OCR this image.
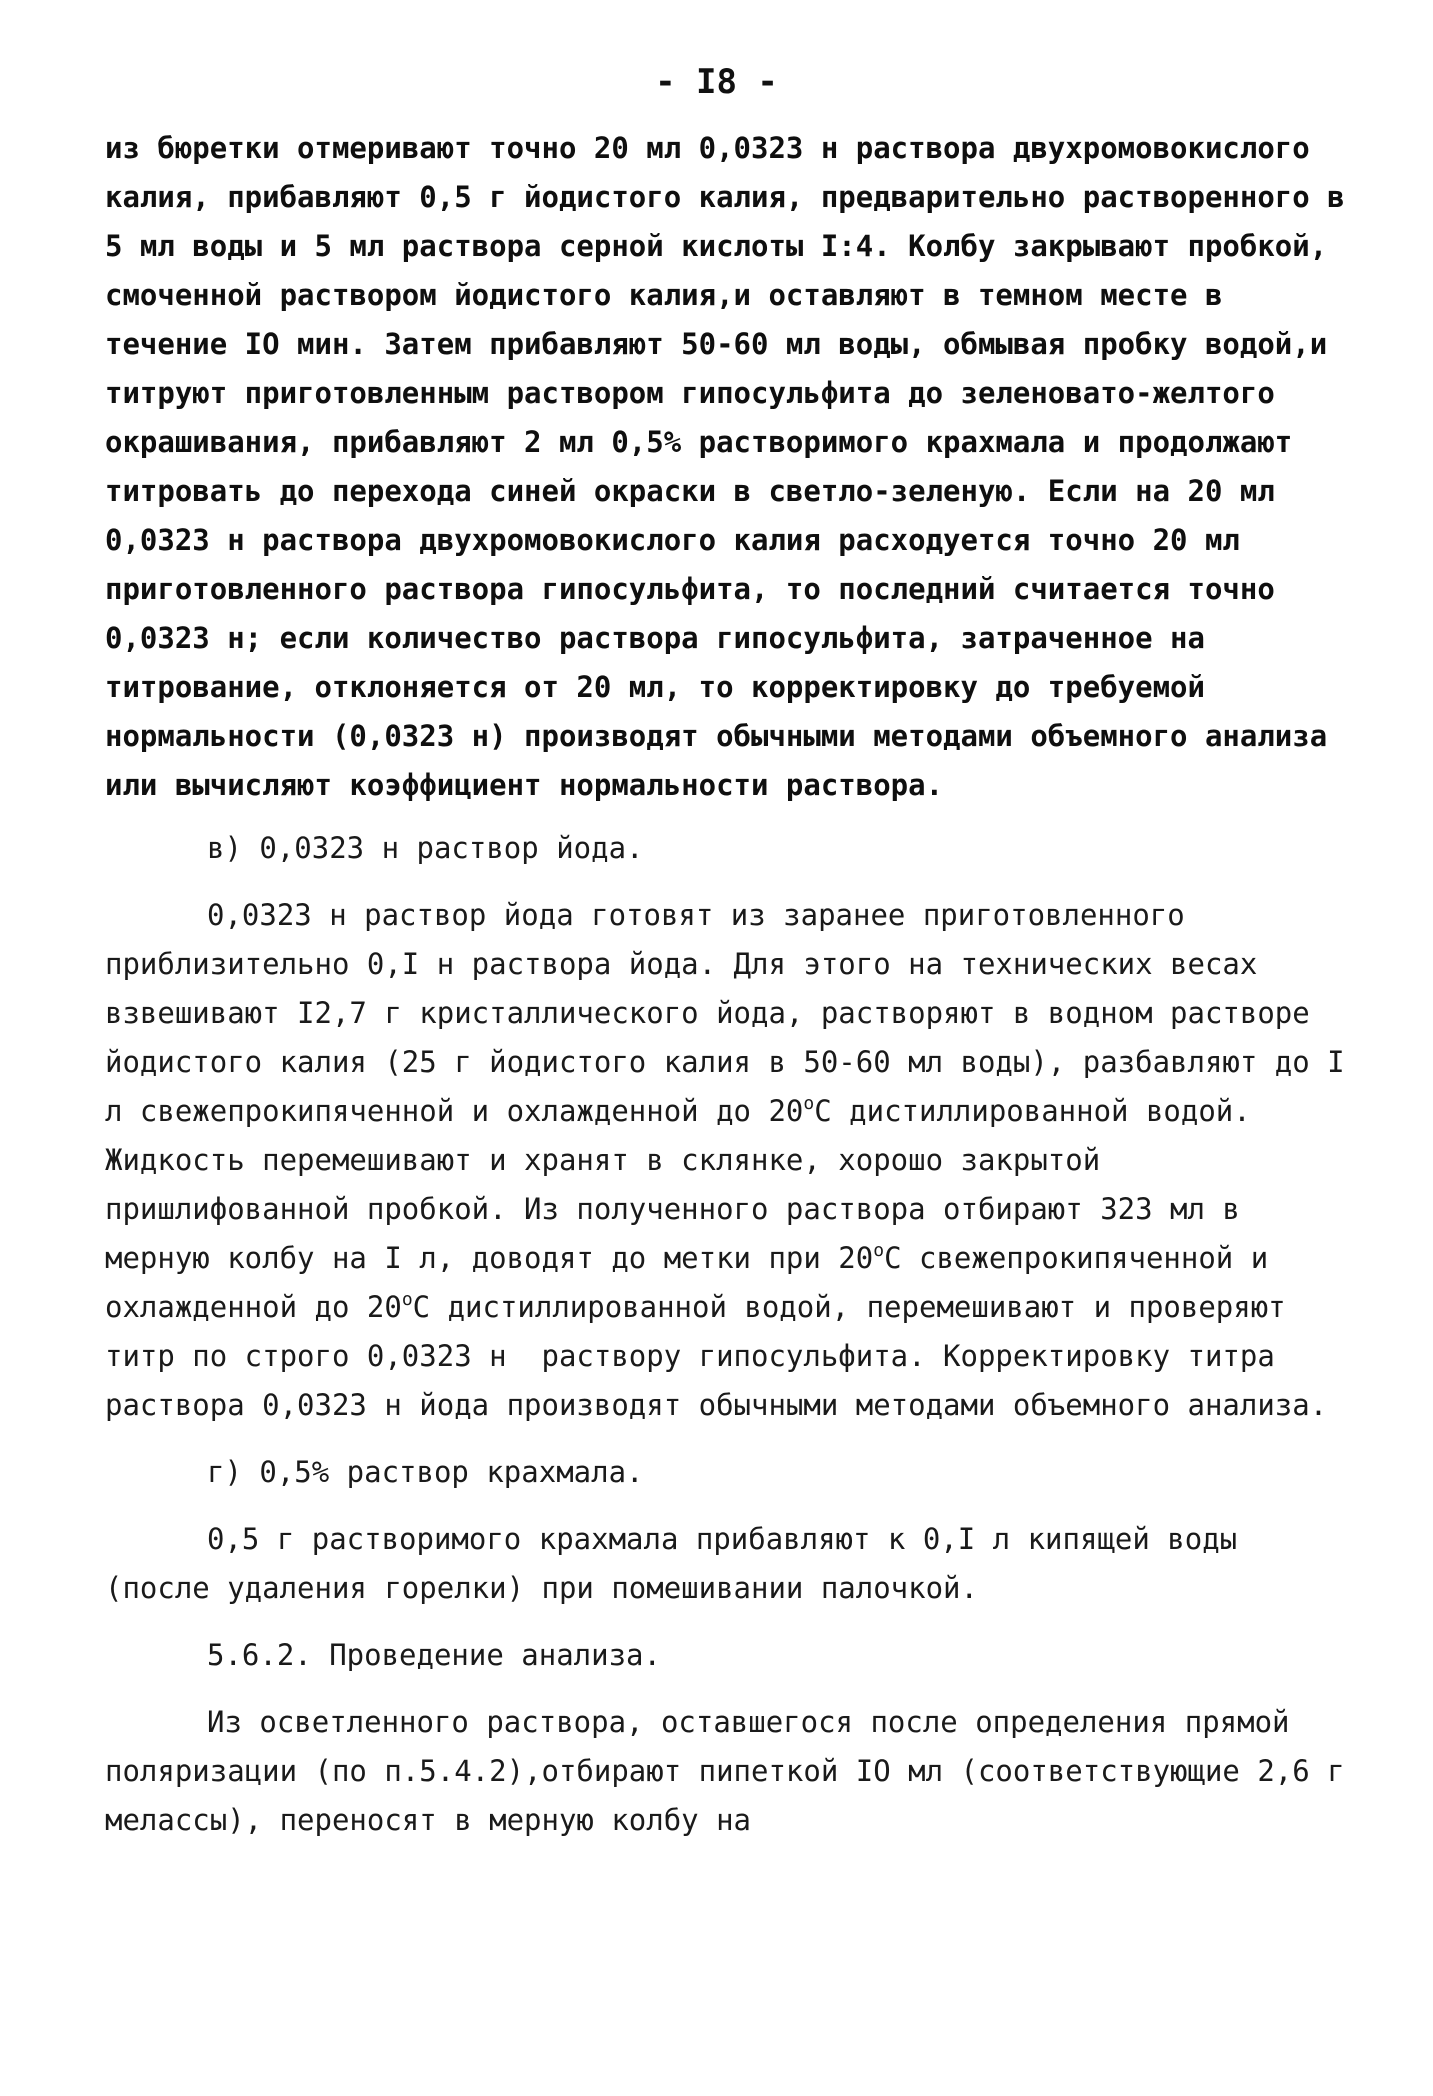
- I8 -

из бюретки отмеривают точно 20 мл 0,0323 н раствора двухромовокислого калия, прибавляют 0,5 г йодистого калия, предварительно растворенного в 5 мл воды и 5 мл раствора серной кислоты I:4. Колбу закрывают пробкой, смоченной раствором йодистого калия,и оставляют в темном месте в течение IO мин. Затем прибавляют 50-60 мл воды, обмывая пробку водой,и титруют приготовленным раствором гипосульфита до зеленовато-желтого окрашивания, прибавляют 2 мл 0,5% растворимого крахмала и продолжают титровать до перехода синей окраски в светло-зеленую. Если на 20 мл 0,0323 н раствора двухромовокислого калия расходуется точно 20 мл приготовленного раствора гипосульфита, то последний считается точно 0,0323 н; если количество раствора гипосульфита, затраченное на титрование, отклоняется от 20 мл, то корректировку до требуемой нормальности (0,0323 н) производят обычными методами объемного анализа или вычисляют коэффициент нормальности раствора.

в) 0,0323 н раствор йода.

0,0323 н раствор йода готовят из заранее приготовленного приблизительно 0,I н раствора йода. Для этого на технических весах взвешивают I2,7 г кристаллического йода, растворяют в водном растворе йодистого калия (25 г йодистого калия в 50-60 мл воды), разбавляют до I л свежепрокипяченной и охлажденной до 20$^o$С дистиллированной водой. Жидкость перемешивают и хранят в склянке, хорошо закрытой пришлифованной пробкой. Из полученного раствора отбирают 323 мл в мерную колбу на I л, доводят до метки при 20$^o$С свежепрокипяченной и охлажденной до 20$^o$С дистиллированной водой, перемешивают и проверяют титр по строго 0,0323 н  раствору гипосульфита. Корректировку титра раствора 0,0323 н йода производят обычными методами объемного анализа.

г) 0,5% раствор крахмала.

0,5 г растворимого крахмала прибавляют к 0,I л кипящей воды (после удаления горелки) при помешивании палочкой.

5.6.2. Проведение анализа.

Из осветленного раствора, оставшегося после определения прямой поляризации (по п.5.4.2),отбирают пипеткой IO мл (соответствующие 2,6 г мелассы), переносят в мерную колбу на
